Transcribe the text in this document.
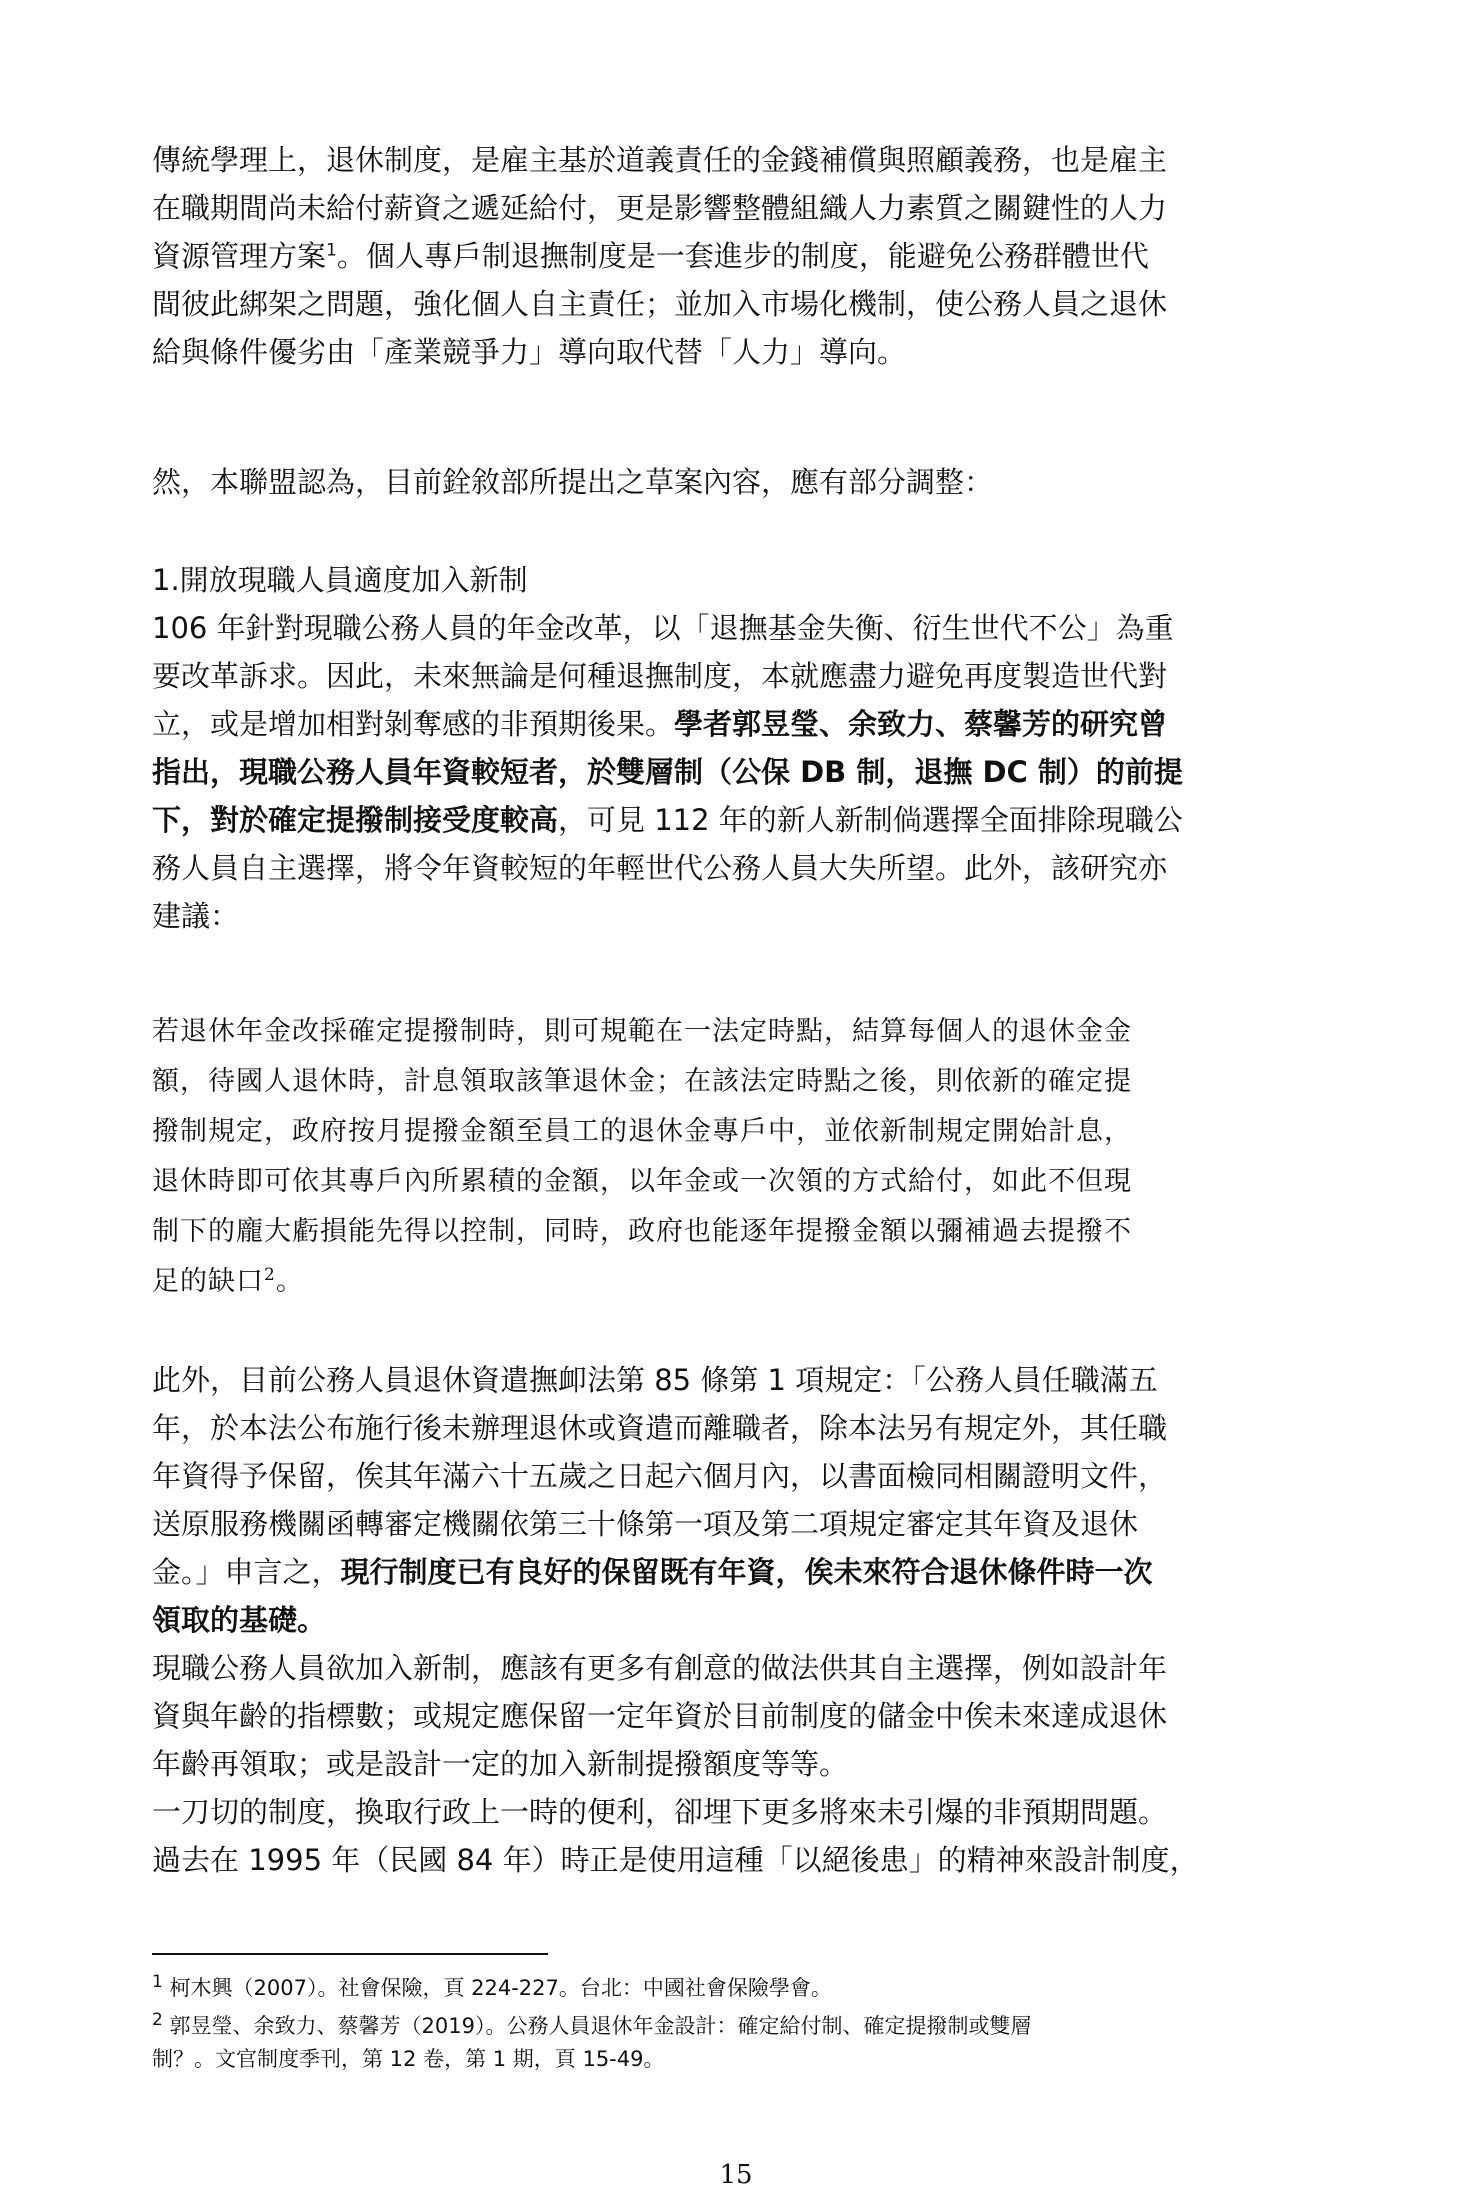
傳統學理上，退休制度，是雇主基於道義責任的金錢補償與照顧義務，也是雇主
在職期間尚未給付薪資之遞延給付，更是影響整體組織人力素質之關鍵性的人力
資源管理方案$^1$。個人專戶制退撫制度是一套進步的制度，能避免公務群體世代
間彼此綁架之問題，強化個人自主責任；並加入市場化機制，使公務人員之退休
給與條件優劣由「產業競爭力」導向取代替「人力」導向。
然，本聯盟認為，目前銓敘部所提出之草案內容，應有部分調整：
1.開放現職人員適度加入新制
106 年針對現職公務人員的年金改革，以「退撫基金失衡、衍生世代不公」為重
要改革訴求。因此，未來無論是何種退撫制度，本就應盡力避免再度製造世代對
立，或是增加相對剝奪感的非預期後果。學者郭昱瑩、余致力、蔡馨芳的研究曾
指出，現職公務人員年資較短者，於雙層制（公保 DB 制，退撫 DC 制）的前提
下，對於確定提撥制接受度較高，可見 112 年的新人新制倘選擇全面排除現職公
務人員自主選擇，將令年資較短的年輕世代公務人員大失所望。此外，該研究亦
建議：
若退休年金改採確定提撥制時，則可規範在一法定時點，結算每個人的退休金金
額，待國人退休時，計息領取該筆退休金；在該法定時點之後，則依新的確定提
撥制規定，政府按月提撥金額至員工的退休金專戶中，並依新制規定開始計息，
退休時即可依其專戶內所累積的金額，以年金或一次領的方式給付，如此不但現
制下的龐大虧損能先得以控制，同時，政府也能逐年提撥金額以彌補過去提撥不
足的缺口$^2$。
此外，目前公務人員退休資遣撫卹法第 85 條第 1 項規定：「公務人員任職滿五
年，於本法公布施行後未辦理退休或資遣而離職者，除本法另有規定外，其任職
年資得予保留，俟其年滿六十五歲之日起六個月內，以書面檢同相關證明文件，
送原服務機關函轉審定機關依第三十條第一項及第二項規定審定其年資及退休
金。」申言之，現行制度已有良好的保留既有年資，俟未來符合退休條件時一次
領取的基礎。
現職公務人員欲加入新制，應該有更多有創意的做法供其自主選擇，例如設計年
資與年齡的指標數；或規定應保留一定年資於目前制度的儲金中俟未來達成退休
年齡再領取；或是設計一定的加入新制提撥額度等等。
一刀切的制度，換取行政上一時的便利，卻埋下更多將來未引爆的非預期問題。
過去在 1995 年（民國 84 年）時正是使用這種「以絕後患」的精神來設計制度，
$^1$ 柯木興（2007）。社會保險，頁 224-227。台北：中國社會保險學會。
$^2$ 郭昱瑩、余致力、蔡馨芳（2019）。公務人員退休年金設計：確定給付制、確定提撥制或雙層
制？。文官制度季刊，第 12 卷，第 1 期，頁 15-49。
15
